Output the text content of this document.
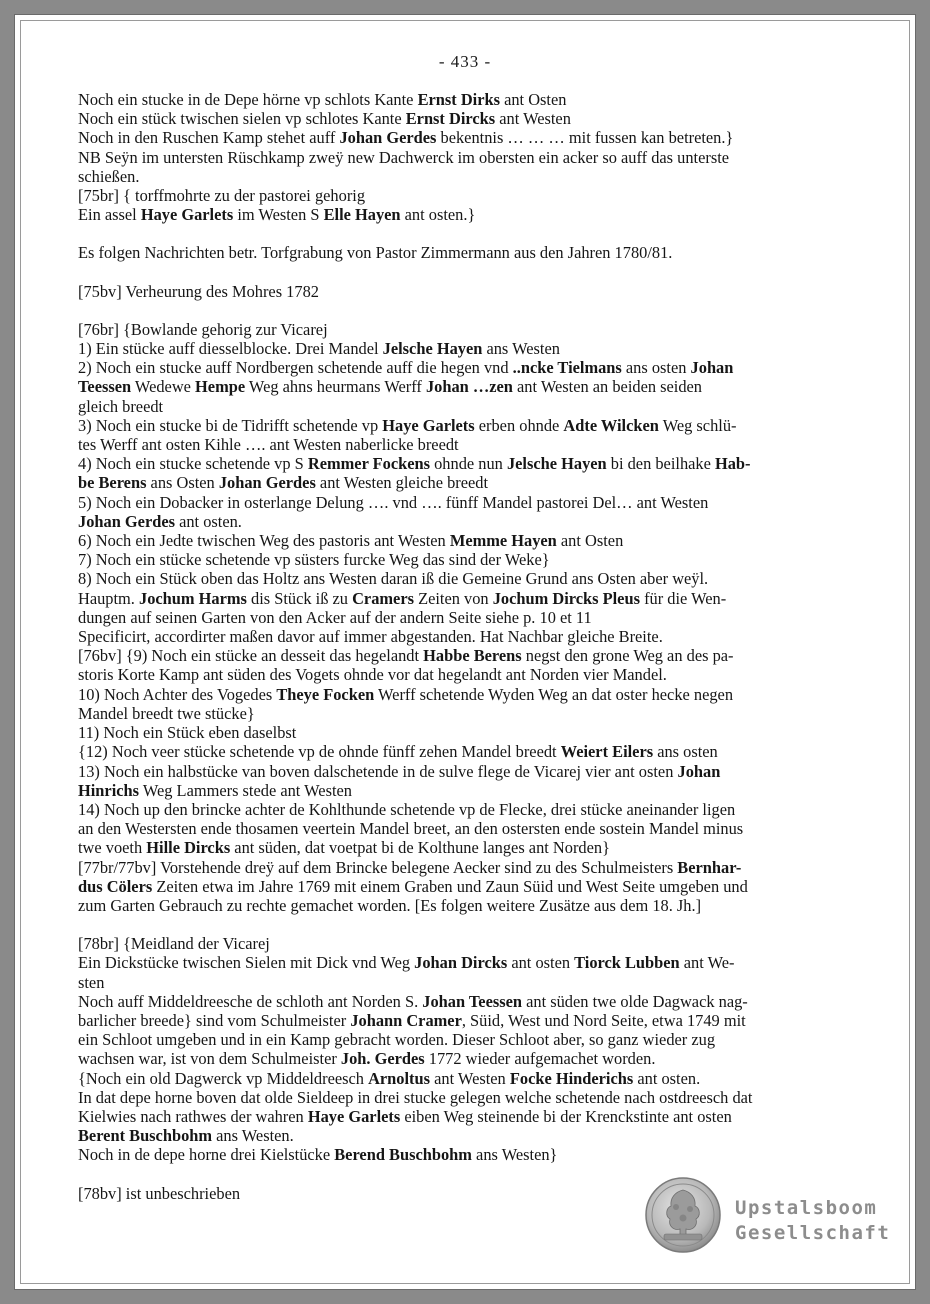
- 433 -
Noch ein stucke in de Depe hörne vp schlots Kante Ernst Dirks ant Osten
Noch ein stück twischen sielen vp schlotes Kante Ernst Dircks ant Westen
Noch in den Ruschen Kamp stehet auff Johan Gerdes bekentnis … … … mit fussen kan betreten.}
NB Seÿn im untersten Rüschkamp zweÿ new Dachwerck im obersten ein acker so auff das unterste
schießen.
[75br] { torffmohrte zu der pastorei gehorig
Ein assel Haye Garlets im Westen S Elle Hayen ant osten.}
Es folgen Nachrichten betr. Torfgrabung von Pastor Zimmermann aus den Jahren 1780/81.
[75bv] Verheurung des Mohres 1782
[76br] {Bowlande gehorig zur Vicarej
1) Ein stücke auff diesselblocke. Drei Mandel Jelsche Hayen ans Westen
2) Noch ein stucke auff Nordbergen schetende auff die hegen vnd ..ncke Tielmans ans osten Johan
Teessen Wedewe Hempe Weg ahns heurmans Werff Johan …zen ant Westen an beiden seiden
gleich breedt
3) Noch ein stucke bi de Tidrifft schetende vp Haye Garlets erben ohnde Adte Wilcken Weg schlü-
tes Werff ant osten Kihle …. ant Westen naberlicke breedt
4) Noch ein stucke schetende vp S Remmer Fockens ohnde nun Jelsche Hayen bi den beilhake Hab-
be Berens ans Osten Johan Gerdes ant Westen gleiche breedt
5) Noch ein Dobacker in osterlange Delung …. vnd …. fünff Mandel pastorei Del… ant Westen
Johan Gerdes ant osten.
6) Noch ein Jedte twischen Weg des pastoris ant Westen Memme Hayen ant Osten
7) Noch ein stücke schetende vp süsters furcke Weg das sind der Weke}
8) Noch ein Stück oben das Holtz ans Westen daran iß die Gemeine Grund ans Osten aber weÿl.
Hauptm. Jochum Harms dis Stück iß zu Cramers Zeiten von Jochum Dircks Pleus für die Wen-
dungen auf seinen Garten von den Acker auf der andern Seite siehe p. 10 et 11
Specificirt, accordirter maßen davor auf immer abgestanden. Hat Nachbar gleiche Breite.
[76bv] {9) Noch ein stücke an desseit das hegelandt Habbe Berens negst den grone Weg an des pa-
storis Korte Kamp ant süden des Vogets ohnde vor dat hegelandt ant Norden vier Mandel.
10) Noch Achter des Vogedes Theye Focken Werff schetende Wyden Weg an dat oster hecke negen
Mandel breedt twe stücke}
11) Noch ein Stück eben daselbst
{12) Noch veer stücke schetende vp de ohnde fünff zehen Mandel breedt Weiert Eilers ans osten
13) Noch ein halbstücke van boven dalschetende in de sulve flege de Vicarej vier ant osten Johan
Hinrichs Weg Lammers stede ant Westen
14) Noch up den brincke achter de Kohlthunde schetende vp de Flecke, drei stücke aneinander ligen
an den Westersten ende thosamen veertein Mandel breet, an den ostersten ende sostein Mandel minus
twe voeth Hille Dircks ant süden, dat voetpat bi de Kolthune langes ant Norden}
[77br/77bv] Vorstehende dreÿ auf dem Brincke belegene Aecker sind zu des Schulmeisters Bernhar-
dus Cölers Zeiten etwa im Jahre 1769 mit einem Graben und Zaun Süid und West Seite umgeben und
zum Garten Gebrauch zu rechte gemachet worden. [Es folgen weitere Zusätze aus dem 18. Jh.]
[78br] {Meidland der Vicarej
Ein Dickstücke twischen Sielen mit Dick vnd Weg Johan Dircks ant osten Tiorck Lubben ant We-
sten
Noch auff Middeldreesche de schloth ant Norden S. Johan Teessen ant süden twe olde Dagwack nag-
barlicher breede} sind vom Schulmeister Johann Cramer, Süid, West und Nord Seite, etwa 1749 mit
ein Schloot umgeben und in ein Kamp gebracht worden. Dieser Schloot aber, so ganz wieder zug
wachsen war, ist von dem Schulmeister Joh. Gerdes 1772 wieder aufgemachet worden.
{Noch ein old Dagwerck vp Middeldreesch Arnoltus ant Westen Focke Hinderichs ant osten.
In dat depe horne boven dat olde Sieldeep in drei stucke gelegen welche schetende nach ostdreesch dat
Kielwies nach rathwes der wahren Haye Garlets eiben Weg steinende bi der Krenckstinte ant osten
Berent Buschbohm ans Westen.
Noch in de depe horne drei Kielstücke Berend Buschbohm ans Westen}
[78bv] ist unbeschrieben
Upstalsboom
Gesellschaft
